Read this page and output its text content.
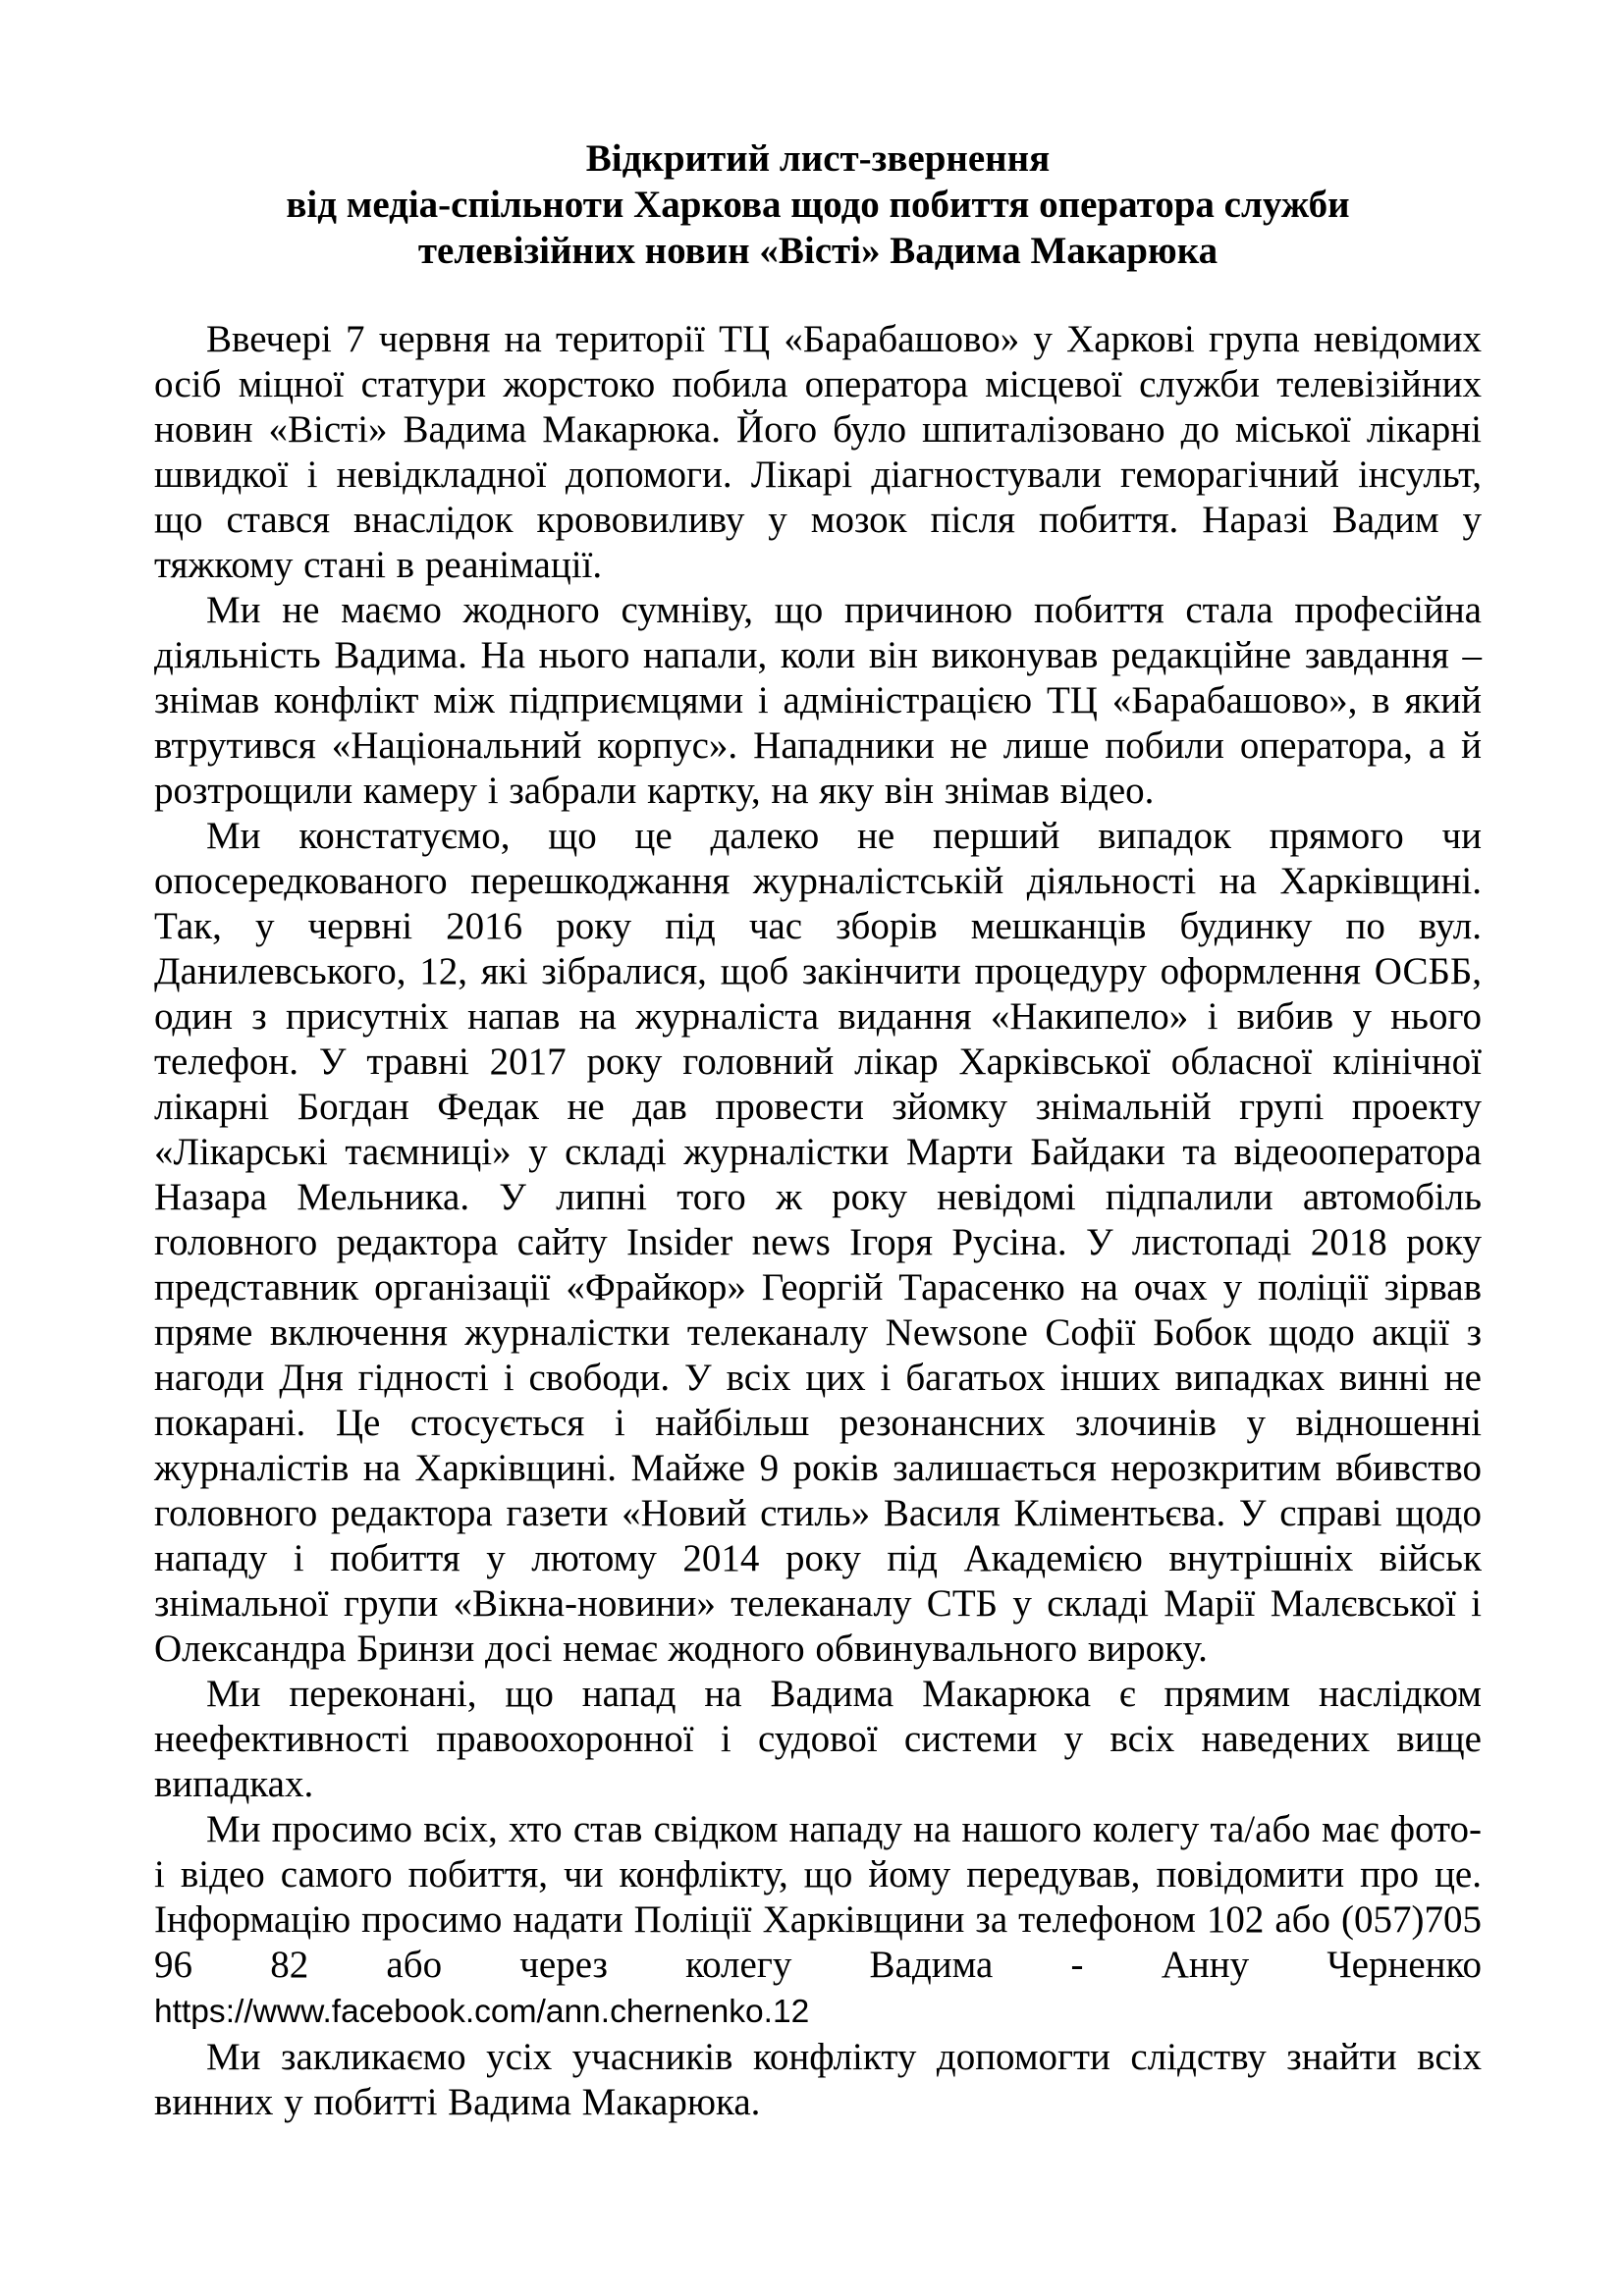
Відкритий лист-звернення
від медіа-спільноти Харкова щодо побиття оператора служби
телевізійних новин «Вісті» Вадима Макарюка

Ввечері 7 червня на території ТЦ «Барабашово» у Харкові група невідомих осіб міцної статури жорстоко побила оператора місцевої служби телевізійних новин «Вісті» Вадима Макарюка. Його було шпиталізовано до міської лікарні швидкої і невідкладної допомоги. Лікарі діагностували геморагічний інсульт, що стався внаслідок крововиливу у мозок після побиття. Наразі Вадим у тяжкому стані в реанімації.

Ми не маємо жодного сумніву, що причиною побиття стала професійна діяльність Вадима. На нього напали, коли він виконував редакційне завдання – знімав конфлікт між підприємцями і адміністрацією ТЦ «Барабашово», в який втрутився «Національний корпус». Нападники не лише побили оператора, а й розтрощили камеру і забрали картку, на яку він знімав відео.

Ми констатуємо, що це далеко не перший випадок прямого чи опосередкованого перешкоджання журналістській діяльності на Харківщині. Так, у червні 2016 року під час зборів мешканців будинку по вул. Данилевського, 12, які зібралися, щоб закінчити процедуру оформлення ОСББ, один з присутніх напав на журналіста видання «Накипело» і вибив у нього телефон. У травні 2017 року головний лікар Харківської обласної клінічної лікарні Богдан Федак не дав провести зйомку знімальній групі проекту «Лікарські таємниці» у складі журналістки Марти Байдаки та відеооператора Назара Мельника. У липні того ж року невідомі підпалили автомобіль головного редактора сайту Insider news Ігоря Русіна. У листопаді 2018 року представник організації «Фрайкор» Георгій Тарасенко на очах у поліції зірвав пряме включення журналістки телеканалу Newsone Софії Бобок щодо акції з нагоди Дня гідності і свободи. У всіх цих і багатьох інших випадках винні не покарані. Це стосується і найбільш резонансних злочинів у відношенні журналістів на Харківщині. Майже 9 років залишається нерозкритим вбивство головного редактора газети «Новий стиль» Василя Кліментьєва. У справі щодо нападу і побиття у лютому 2014 року під Академією внутрішніх військ знімальної групи «Вікна-новини» телеканалу СТБ у складі Марії Малєвської і Олександра Бринзи досі немає жодного обвинувального вироку.

Ми переконані, що напад на Вадима Макарюка є прямим наслідком неефективності правоохоронної і судової системи у всіх наведених вище випадках.

Ми просимо всіх, хто став свідком нападу на нашого колегу та/або має фото- і відео самого побиття, чи конфлікту, що йому передував, повідомити про це. Інформацію просимо надати Поліції Харківщини за телефоном 102 або (057)705 96 82 або через колегу Вадима - Анну Черненко https://www.facebook.com/ann.chernenko.12

Ми закликаємо усіх учасників конфлікту допомогти слідству знайти всіх винних у побитті Вадима Макарюка.
